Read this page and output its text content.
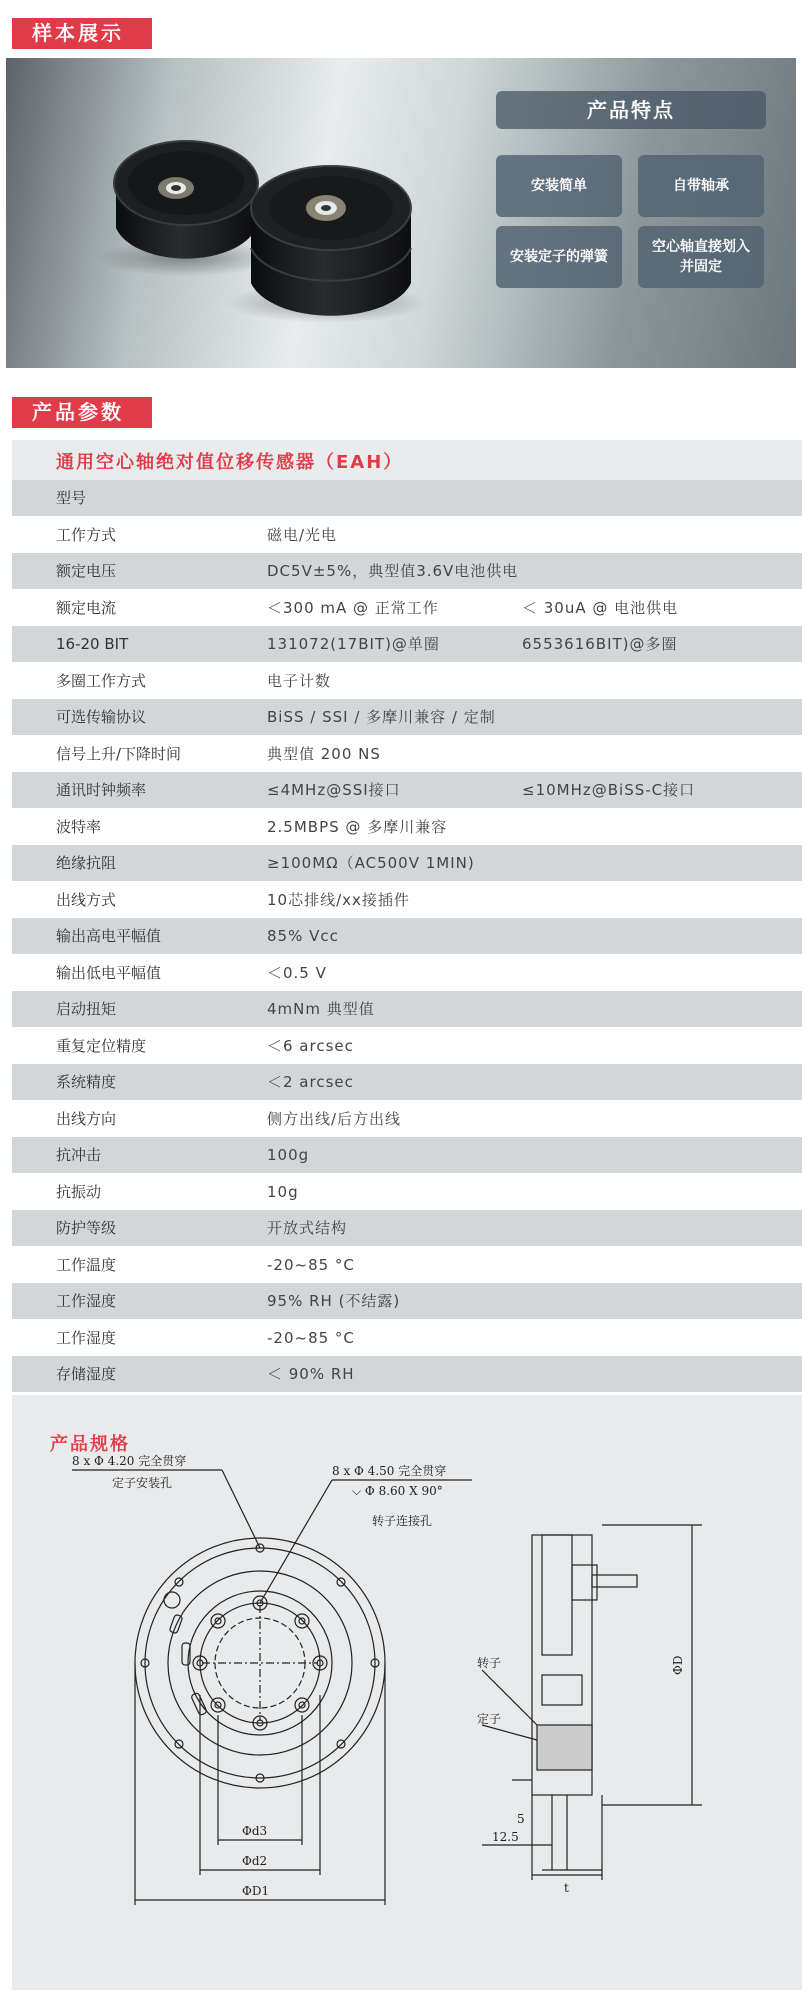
样本展示
产品特点
安装简单	自带轴承
安装定子的弹簧
空心轴直接划入并固定
产品参数
通用空心轴绝对值位移传感器（EAH）
型号
工作方式	磁电/光电
额定电压	DC5V±5%，典型值3.6V电池供电
额定电流	＜300 mA @ 正常工作	＜ 30uA @ 电池供电
16-20 BIT	131072(17BIT)@单圈	6553616BIT)@多圈
多圈工作方式	电子计数
可选传输协议	BiSS / SSI / 多摩川兼容 / 定制
信号上升/下降时间	典型值 200 NS
通讯时钟频率	≤4MHz@SSI接口	≤10MHz@BiSS-C接口
波特率	2.5MBPS @ 多摩川兼容
绝缘抗阻	≥100MΩ（AC500V 1MIN)
出线方式	10芯排线/xx接插件
输出高电平幅值	85% Vcc
输出低电平幅值	＜0.5 V
启动扭矩	4mNm 典型值
重复定位精度	＜6 arcsec
系统精度	＜2 arcsec
出线方向	侧方出线/后方出线
抗冲击	100g
抗振动	10g
防护等级	开放式结构
工作温度	-20~85 °C
工作湿度	95% RH (不结露)
工作湿度	-20~85 °C
存储湿度	＜ 90% RH
产品规格
8 x Φ 4.20 完全贯穿
定子安装孔
8 x Φ 4.50 完全贯穿
⌵ Φ 8.60 X 90°
转子连接孔
Φd3
Φd2
ΦD1
ΦD
转子
定子
5
12.5
t
